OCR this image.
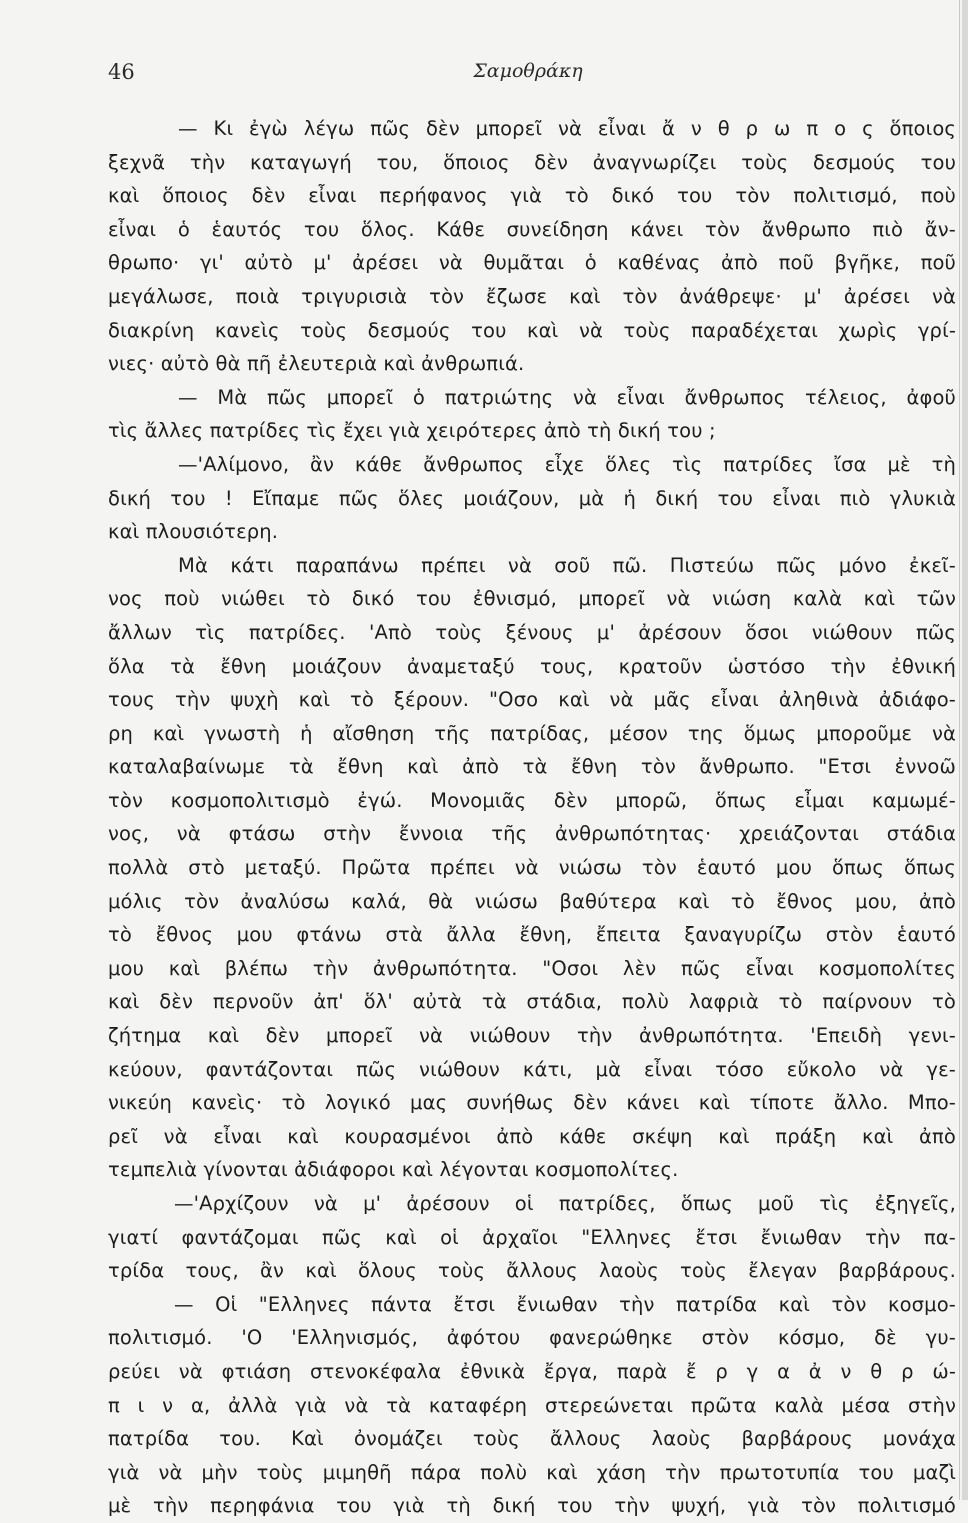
46	Σαμοθράκη
— Κι ἐγὼ λέγω πῶς δὲν μπορεῖ νὰ εἶναι ἄ ν θ ρ ω π ο ς ὅποιος
ξεχνᾶ τὴν καταγωγή του, ὅποιος δὲν ἀναγνωρίζει τοὺς δεσμούς του
καὶ ὅποιος δὲν εἶναι περήφανος γιὰ τὸ δικό του τὸν πολιτισμό, ποὺ
εἶναι ὁ ἑαυτός του ὅλος. Κάθε συνείδηση κάνει τὸν ἄνθρωπο πιὸ ἄν-
θρωπο· γι' αὐτὸ μ' ἀρέσει νὰ θυμᾶται ὁ καθένας ἀπὸ ποῦ βγῆκε, ποῦ
μεγάλωσε, ποιὰ τριγυρισιὰ τὸν ἔζωσε καὶ τὸν ἀνάθρεψε· μ' ἀρέσει νὰ
διακρίνη κανεὶς τοὺς δεσμούς του καὶ νὰ τοὺς παραδέχεται χωρὶς γρί-
νιες· αὐτὸ θὰ πῆ ἐλευτεριὰ καὶ ἀνθρωπιά.
— Μὰ πῶς μπορεῖ ὁ πατριώτης νὰ εἶναι ἄνθρωπος τέλειος, ἀφοῦ
τὶς ἄλλες πατρίδες τὶς ἔχει γιὰ χειρότερες ἀπὸ τὴ δική του ;
—'Αλίμονο, ἂν κάθε ἄνθρωπος εἶχε ὅλες τὶς πατρίδες ἴσα μὲ τὴ
δική του ! Εἴπαμε πῶς ὅλες μοιάζουν, μὰ ἡ δική του εἶναι πιὸ γλυκιὰ
καὶ πλουσιότερη.
Μὰ κάτι παραπάνω πρέπει νὰ σοῦ πῶ. Πιστεύω πῶς μόνο ἐκεῖ-
νος ποὺ νιώθει τὸ δικό του ἐθνισμό, μπορεῖ νὰ νιώση καλὰ καὶ τῶν
ἄλλων τὶς πατρίδες. 'Απὸ τοὺς ξένους μ' ἀρέσουν ὅσοι νιώθουν πῶς
ὅλα τὰ ἔθνη μοιάζουν ἀναμεταξύ τους, κρατοῦν ὡστόσο τὴν ἐθνική
τους τὴν ψυχὴ καὶ τὸ ξέρουν. "Οσο καὶ νὰ μᾶς εἶναι ἀληθινὰ ἀδιάφο-
ρη καὶ γνωστὴ ἡ αἴσθηση τῆς πατρίδας, μέσον της ὅμως μποροῦμε νὰ
καταλαβαίνωμε τὰ ἔθνη καὶ ἀπὸ τὰ ἔθνη τὸν ἄνθρωπο. "Ετσι ἐννοῶ
τὸν κοσμοπολιτισμὸ ἐγώ. Μονομιᾶς δὲν μπορῶ, ὅπως εἶμαι καμωμέ-
νος, νὰ φτάσω στὴν ἔννοια τῆς ἀνθρωπότητας· χρειάζονται στάδια
πολλὰ στὸ μεταξύ. Πρῶτα πρέπει νὰ νιώσω τὸν ἑαυτό μου ὅπως ὅπως
μόλις τὸν ἀναλύσω καλά, θὰ νιώσω βαθύτερα καὶ τὸ ἔθνος μου, ἀπὸ
τὸ ἔθνος μου φτάνω στὰ ἄλλα ἔθνη, ἔπειτα ξαναγυρίζω στὸν ἑαυτό
μου καὶ βλέπω τὴν ἀνθρωπότητα. "Οσοι λὲν πῶς εἶναι κοσμοπολίτες
καὶ δὲν περνοῦν ἀπ' ὅλ' αὐτὰ τὰ στάδια, πολὺ λαφριὰ τὸ παίρνουν τὸ
ζήτημα καὶ δὲν μπορεῖ νὰ νιώθουν τὴν ἀνθρωπότητα. 'Επειδὴ γενι-
κεύουν, φαντάζονται πῶς νιώθουν κάτι, μὰ εἶναι τόσο εὔκολο νὰ γε-
νικεύη κανεὶς· τὸ λογικό μας συνήθως δὲν κάνει καὶ τίποτε ἄλλο. Μπο-
ρεῖ νὰ εἶναι καὶ κουρασμένοι ἀπὸ κάθε σκέψη καὶ πράξη καὶ ἀπὸ
τεμπελιὰ γίνονται ἀδιάφοροι καὶ λέγονται κοσμοπολίτες.
—'Αρχίζουν νὰ μ' ἀρέσουν οἱ πατρίδες, ὅπως μοῦ τὶς ἐξηγεῖς,
γιατί φαντάζομαι πῶς καὶ οἱ ἀρχαῖοι "Ελληνες ἔτσι ἔνιωθαν τὴν πα-
τρίδα τους, ἂν καὶ ὅλους τοὺς ἄλλους λαοὺς τοὺς ἔλεγαν βαρβάρους.
— Οἱ "Ελληνες πάντα ἔτσι ἔνιωθαν τὴν πατρίδα καὶ τὸν κοσμο-
πολιτισμό. 'Ο 'Ελληνισμός, ἀφότου φανερώθηκε στὸν κόσμο, δὲ γυ-
ρεύει νὰ φτιάση στενοκέφαλα ἐθνικὰ ἔργα, παρὰ ἔ ρ γ α ἀ ν θ ρ ώ-
π ι ν α, ἀλλὰ γιὰ νὰ τὰ καταφέρη στερεώνεται πρῶτα καλὰ μέσα στὴν
πατρίδα του. Καὶ ὀνομάζει τοὺς ἄλλους λαοὺς βαρβάρους μονάχα
γιὰ νὰ μὴν τοὺς μιμηθῆ πάρα πολὺ καὶ χάση τὴν πρωτοτυπία του μαζὶ
μὲ τὴν περηφάνια του γιὰ τὴ δική του τὴν ψυχή, γιὰ τὸν πολιτισμό
